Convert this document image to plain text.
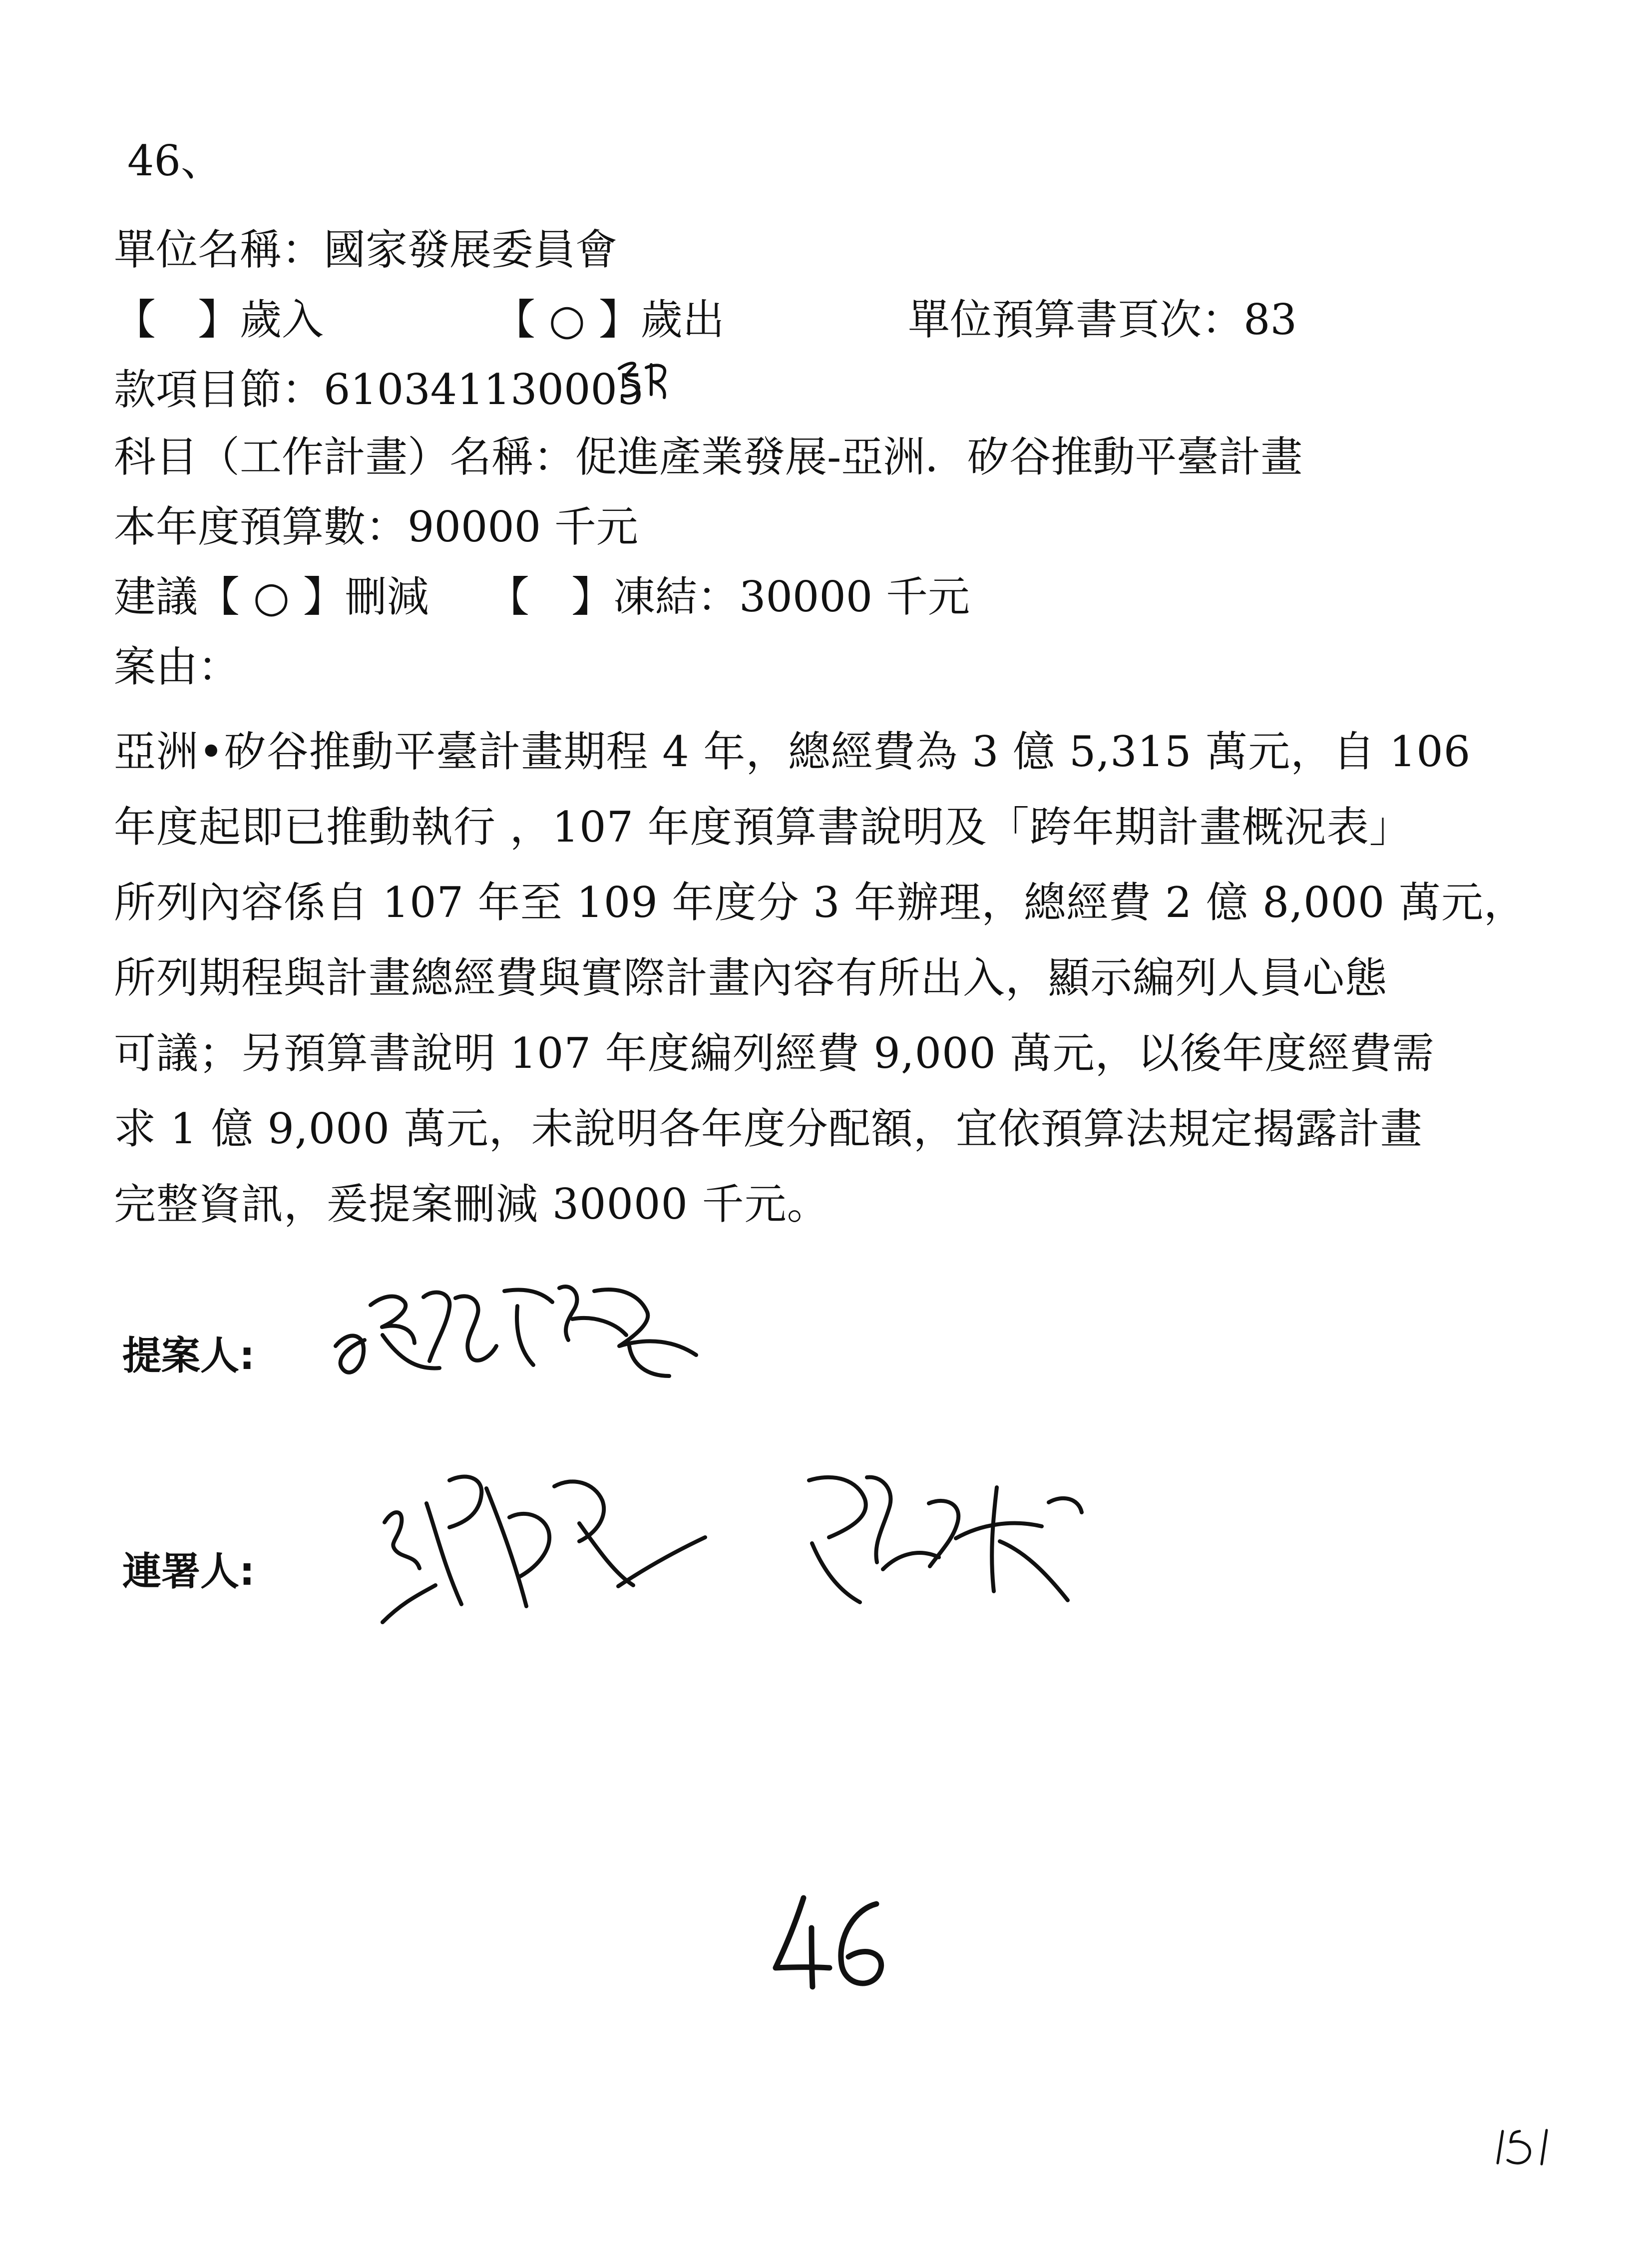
46、
單位名稱：國家發展委員會
【　】歲入	【 ○ 】歲出	單位預算書頁次：83
款項目節：610341130005
科目（工作計畫）名稱：促進產業發展-亞洲．矽谷推動平臺計畫
本年度預算數：90000 千元
建議【 ○ 】刪減 【　】凍結：30000 千元
案由：
亞洲•矽谷推動平臺計畫期程 4 年，總經費為 3 億 5,315 萬元，自 106
年度起即已推動執行 ，107 年度預算書說明及「跨年期計畫概況表」
所列內容係自 107 年至 109 年度分 3 年辦理，總經費 2 億 8,000 萬元，
所列期程與計畫總經費與實際計畫內容有所出入，顯示編列人員心態
可議；另預算書說明 107 年度編列經費 9,000 萬元，以後年度經費需
求 1 億 9,000 萬元，未說明各年度分配額，宜依預算法規定揭露計畫
完整資訊，爰提案刪減 30000 千元。
提案人:
連署人:
